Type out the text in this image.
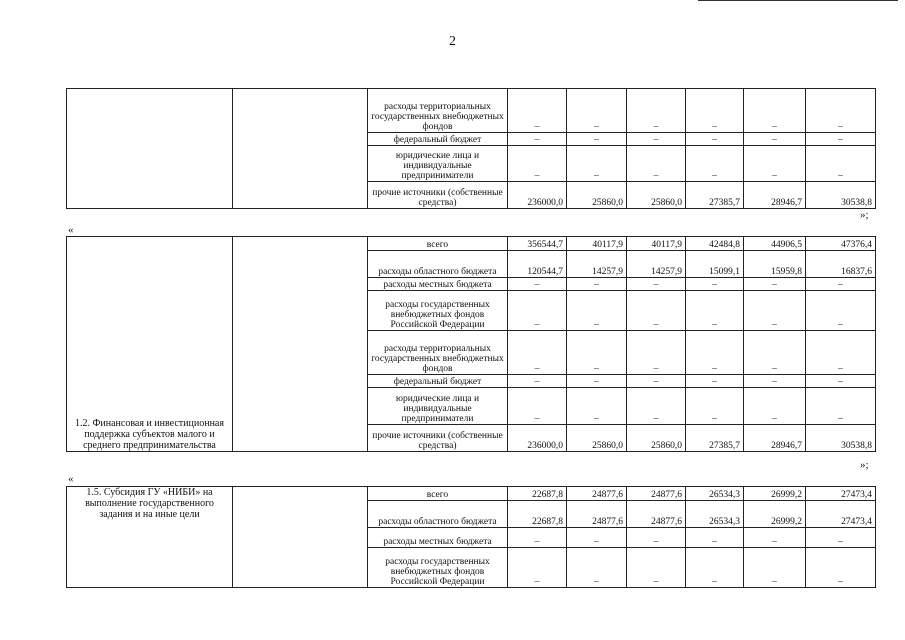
2
		расходы территориальных государственных внебюджетных фондов	–	–	–	–	–	–
		федеральный бюджет	–	–	–	–	–	–
		юридические лица и индивидуальные предприниматели	–	–	–	–	–	–
		прочие источники (собственные средства)	236000,0	25860,0	25860,0	27385,7	28946,7	30538,8
»;
«
1.2. Финансовая и инвестиционная поддержка субъектов малого и среднего предпринимательства		всего	356544,7	40117,9	40117,9	42484,8	44906,5	47376,4
		расходы областного бюджета	120544,7	14257,9	14257,9	15099,1	15959,8	16837,6
		расходы местных бюджета	–	–	–	–	–	–
		расходы государственных внебюджетных фондов Российской Федерации	–	–	–	–	–	–
		расходы территориальных государственных внебюджетных фондов	–	–	–	–	–	–
		федеральный бюджет	–	–	–	–	–	–
		юридические лица и индивидуальные предприниматели	–	–	–	–	–	–
		прочие источники (собственные средства)	236000,0	25860,0	25860,0	27385,7	28946,7	30538,8
»;
«
1.5. Субсидия ГУ «НИБИ» на выполнение государственного задания и на иные цели		всего	22687,8	24877,6	24877,6	26534,3	26999,2	27473,4
		расходы областного бюджета	22687,8	24877,6	24877,6	26534,3	26999,2	27473,4
		расходы местных бюджета	–	–	–	–	–	–
		расходы государственных внебюджетных фондов Российской Федерации	–	–	–	–	–	–
